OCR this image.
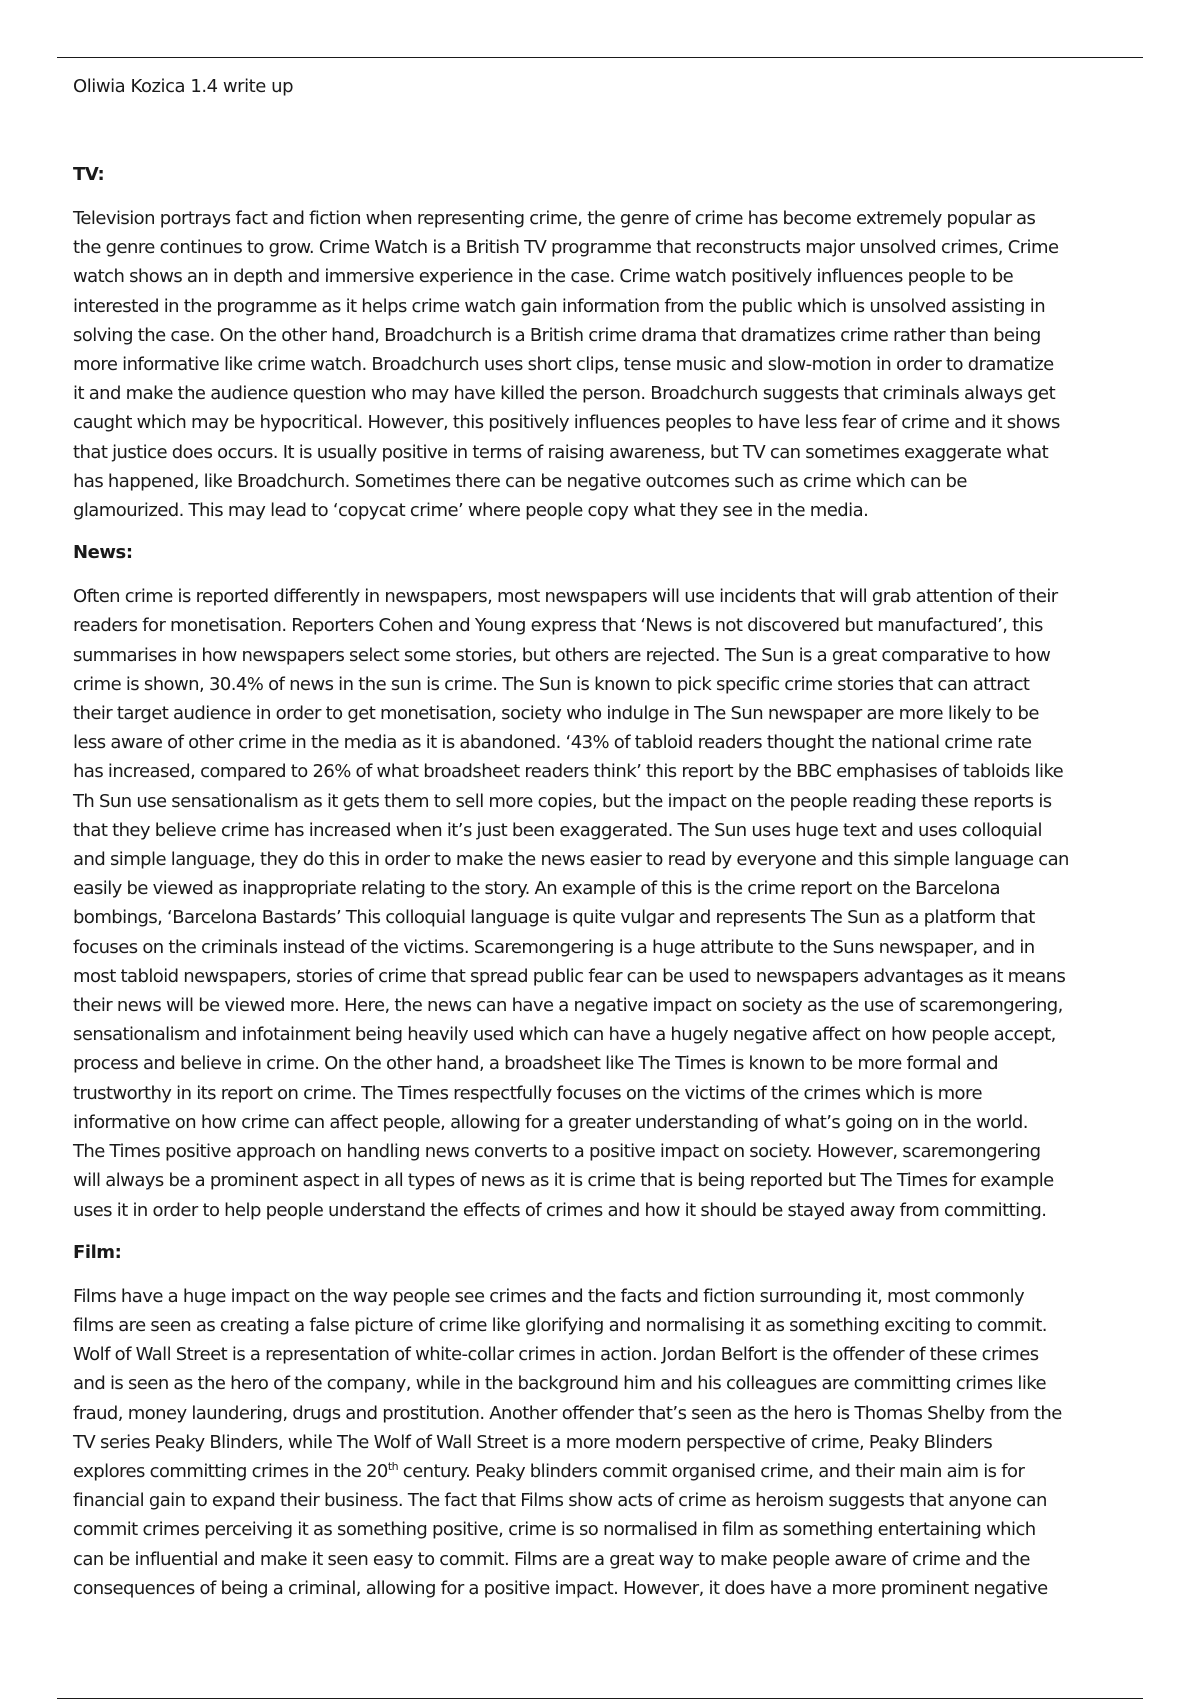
Oliwia Kozica 1.4 write up

TV:

Television portrays fact and fiction when representing crime, the genre of crime has become extremely popular as
the genre continues to grow. Crime Watch is a British TV programme that reconstructs major unsolved crimes, Crime
watch shows an in depth and immersive experience in the case. Crime watch positively influences people to be
interested in the programme as it helps crime watch gain information from the public which is unsolved assisting in
solving the case. On the other hand, Broadchurch is a British crime drama that dramatizes crime rather than being
more informative like crime watch. Broadchurch uses short clips, tense music and slow-motion in order to dramatize
it and make the audience question who may have killed the person. Broadchurch suggests that criminals always get
caught which may be hypocritical. However, this positively influences peoples to have less fear of crime and it shows
that justice does occurs. It is usually positive in terms of raising awareness, but TV can sometimes exaggerate what
has happened, like Broadchurch. Sometimes there can be negative outcomes such as crime which can be
glamourized. This may lead to ‘copycat crime’ where people copy what they see in the media.

News:

Often crime is reported differently in newspapers, most newspapers will use incidents that will grab attention of their
readers for monetisation. Reporters Cohen and Young express that ‘News is not discovered but manufactured’, this
summarises in how newspapers select some stories, but others are rejected. The Sun is a great comparative to how
crime is shown, 30.4% of news in the sun is crime. The Sun is known to pick specific crime stories that can attract
their target audience in order to get monetisation, society who indulge in The Sun newspaper are more likely to be
less aware of other crime in the media as it is abandoned. ‘43% of tabloid readers thought the national crime rate
has increased, compared to 26% of what broadsheet readers think’ this report by the BBC emphasises of tabloids like
Th Sun use sensationalism as it gets them to sell more copies, but the impact on the people reading these reports is
that they believe crime has increased when it’s just been exaggerated. The Sun uses huge text and uses colloquial
and simple language, they do this in order to make the news easier to read by everyone and this simple language can
easily be viewed as inappropriate relating to the story. An example of this is the crime report on the Barcelona
bombings, ‘Barcelona Bastards’ This colloquial language is quite vulgar and represents The Sun as a platform that
focuses on the criminals instead of the victims. Scaremongering is a huge attribute to the Suns newspaper, and in
most tabloid newspapers, stories of crime that spread public fear can be used to newspapers advantages as it means
their news will be viewed more. Here, the news can have a negative impact on society as the use of scaremongering,
sensationalism and infotainment being heavily used which can have a hugely negative affect on how people accept,
process and believe in crime. On the other hand, a broadsheet like The Times is known to be more formal and
trustworthy in its report on crime. The Times respectfully focuses on the victims of the crimes which is more
informative on how crime can affect people, allowing for a greater understanding of what’s going on in the world.
The Times positive approach on handling news converts to a positive impact on society. However, scaremongering
will always be a prominent aspect in all types of news as it is crime that is being reported but The Times for example
uses it in order to help people understand the effects of crimes and how it should be stayed away from committing.

Film:

Films have a huge impact on the way people see crimes and the facts and fiction surrounding it, most commonly
films are seen as creating a false picture of crime like glorifying and normalising it as something exciting to commit.
Wolf of Wall Street is a representation of white-collar crimes in action. Jordan Belfort is the offender of these crimes
and is seen as the hero of the company, while in the background him and his colleagues are committing crimes like
fraud, money laundering, drugs and prostitution. Another offender that’s seen as the hero is Thomas Shelby from the
TV series Peaky Blinders, while The Wolf of Wall Street is a more modern perspective of crime, Peaky Blinders
explores committing crimes in the 20th century. Peaky blinders commit organised crime, and their main aim is for
financial gain to expand their business. The fact that Films show acts of crime as heroism suggests that anyone can
commit crimes perceiving it as something positive, crime is so normalised in film as something entertaining which
can be influential and make it seen easy to commit. Films are a great way to make people aware of crime and the
consequences of being a criminal, allowing for a positive impact. However, it does have a more prominent negative
